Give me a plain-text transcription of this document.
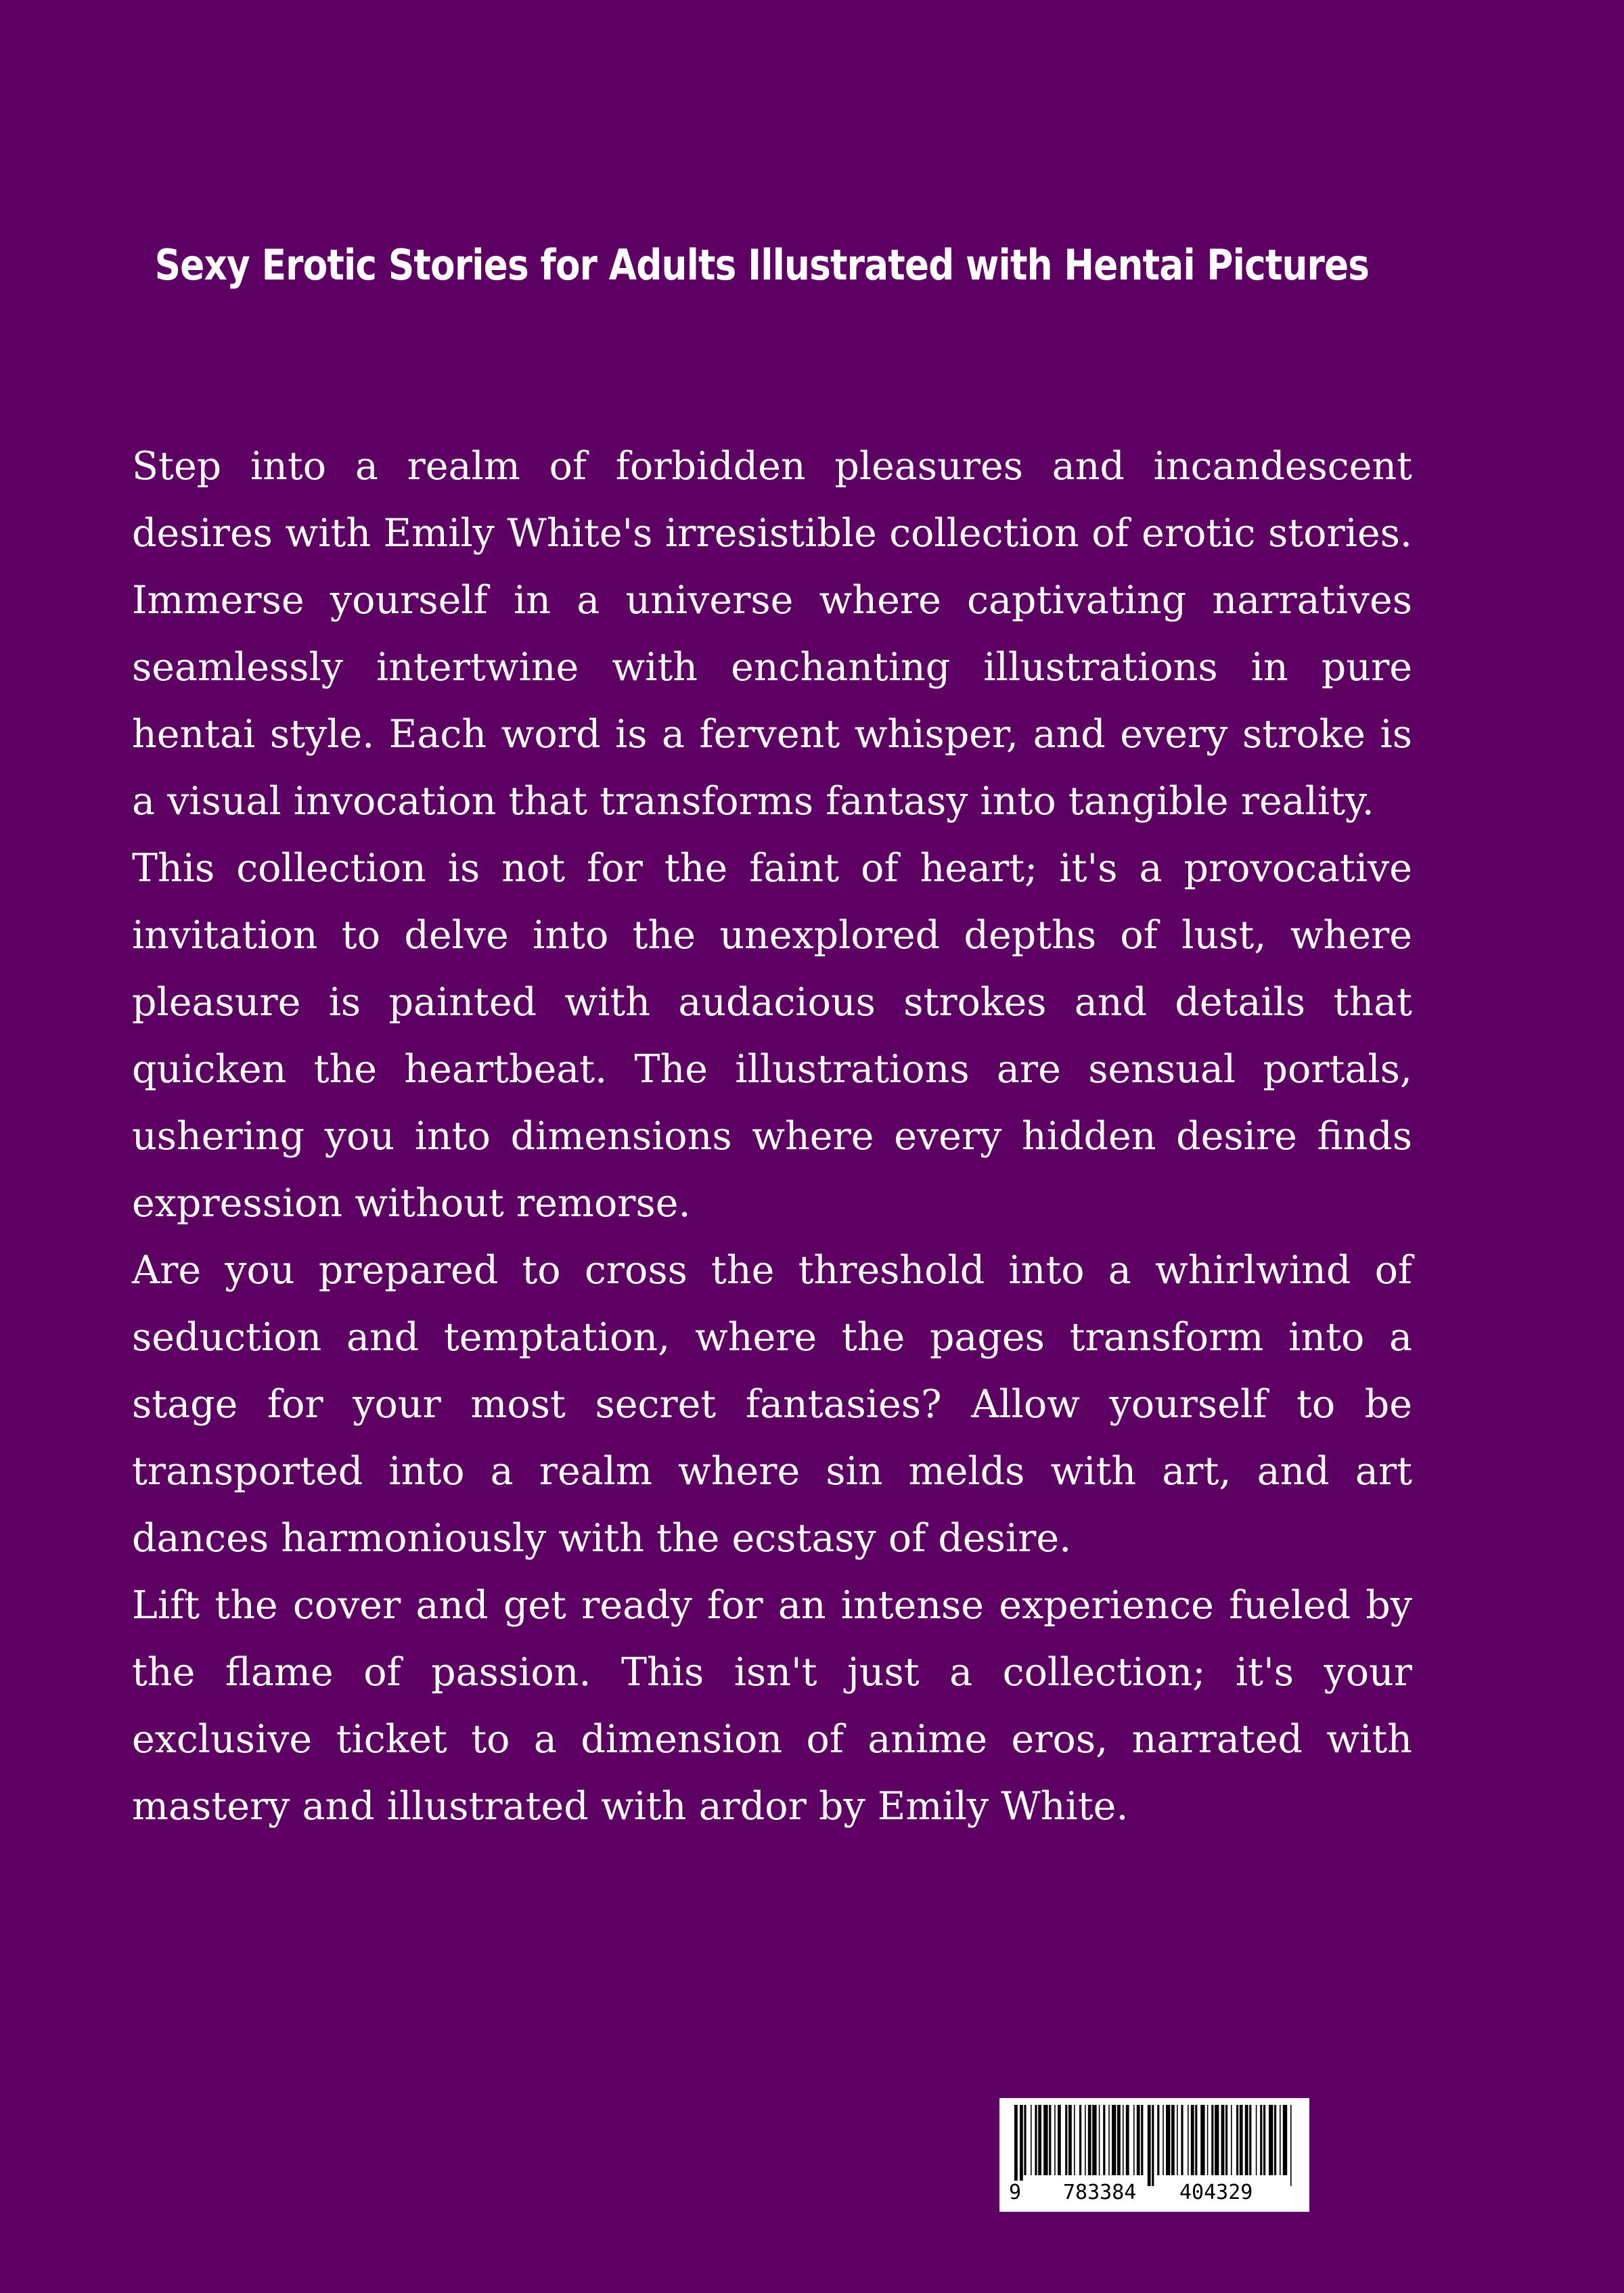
Sexy Erotic Stories for Adults Illustrated with Hentai Pictures

Step into a realm of forbidden pleasures and incandescent desires with Emily White's irresistible collection of erotic stories. Immerse yourself in a universe where captivating narratives seamlessly intertwine with enchanting illustrations in pure hentai style. Each word is a fervent whisper, and every stroke is a visual invocation that transforms fantasy into tangible reality.

This collection is not for the faint of heart; it's a provocative invitation to delve into the unexplored depths of lust, where pleasure is painted with audacious strokes and details that quicken the heartbeat. The illustrations are sensual portals, ushering you into dimensions where every hidden desire finds expression without remorse.

Are you prepared to cross the threshold into a whirlwind of seduction and temptation, where the pages transform into a stage for your most secret fantasies? Allow yourself to be transported into a realm where sin melds with art, and art dances harmoniously with the ecstasy of desire.

Lift the cover and get ready for an intense experience fueled by the flame of passion. This isn't just a collection; it's your exclusive ticket to a dimension of anime eros, narrated with mastery and illustrated with ardor by Emily White.

9 783384 404329
